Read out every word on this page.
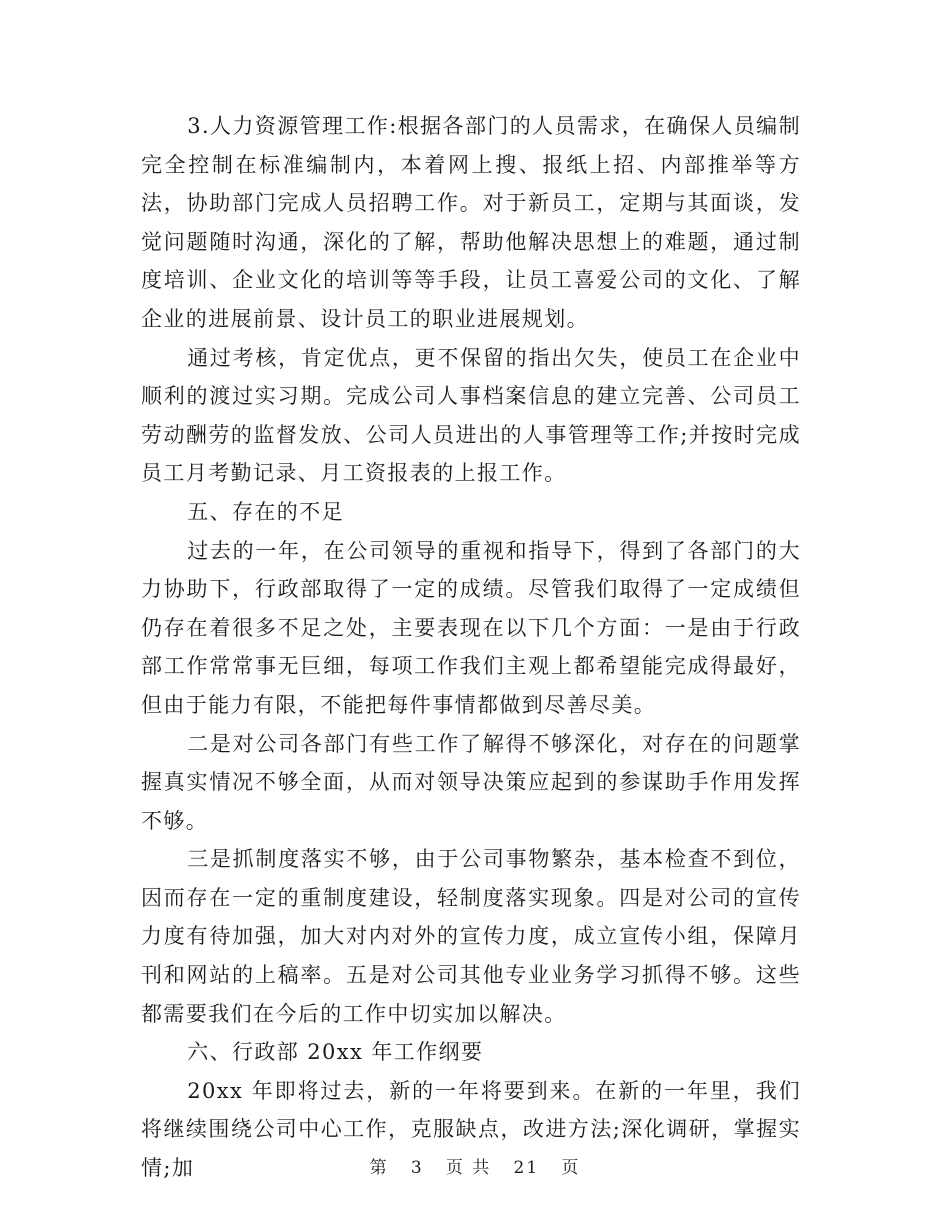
3.人力资源管理工作:根据各部门的人员需求，在确保人员编制完全控制在标准编制内，本着网上搜、报纸上招、内部推举等方法，协助部门完成人员招聘工作。对于新员工，定期与其面谈，发觉问题随时沟通，深化的了解，帮助他解决思想上的难题，通过制度培训、企业文化的培训等等手段，让员工喜爱公司的文化、了解企业的进展前景、设计员工的职业进展规划。

通过考核，肯定优点，更不保留的指出欠失，使员工在企业中顺利的渡过实习期。完成公司人事档案信息的建立完善、公司员工劳动酬劳的监督发放、公司人员进出的人事管理等工作;并按时完成员工月考勤记录、月工资报表的上报工作。

五、存在的不足

过去的一年，在公司领导的重视和指导下，得到了各部门的大力协助下，行政部取得了一定的成绩。尽管我们取得了一定成绩但仍存在着很多不足之处，主要表现在以下几个方面：一是由于行政部工作常常事无巨细，每项工作我们主观上都希望能完成得最好，但由于能力有限，不能把每件事情都做到尽善尽美。

二是对公司各部门有些工作了解得不够深化，对存在的问题掌握真实情况不够全面，从而对领导决策应起到的参谋助手作用发挥不够。

三是抓制度落实不够，由于公司事物繁杂，基本检查不到位，因而存在一定的重制度建设，轻制度落实现象。四是对公司的宣传力度有待加强，加大对内对外的宣传力度，成立宣传小组，保障月刊和网站的上稿率。五是对公司其他专业业务学习抓得不够。这些都需要我们在今后的工作中切实加以解决。

六、行政部 20xx 年工作纲要

20xx 年即将过去，新的一年将要到来。在新的一年里，我们将继续围绕公司中心工作，克服缺点，改进方法;深化调研，掌握实情;加	第 3 页 共 21 页
